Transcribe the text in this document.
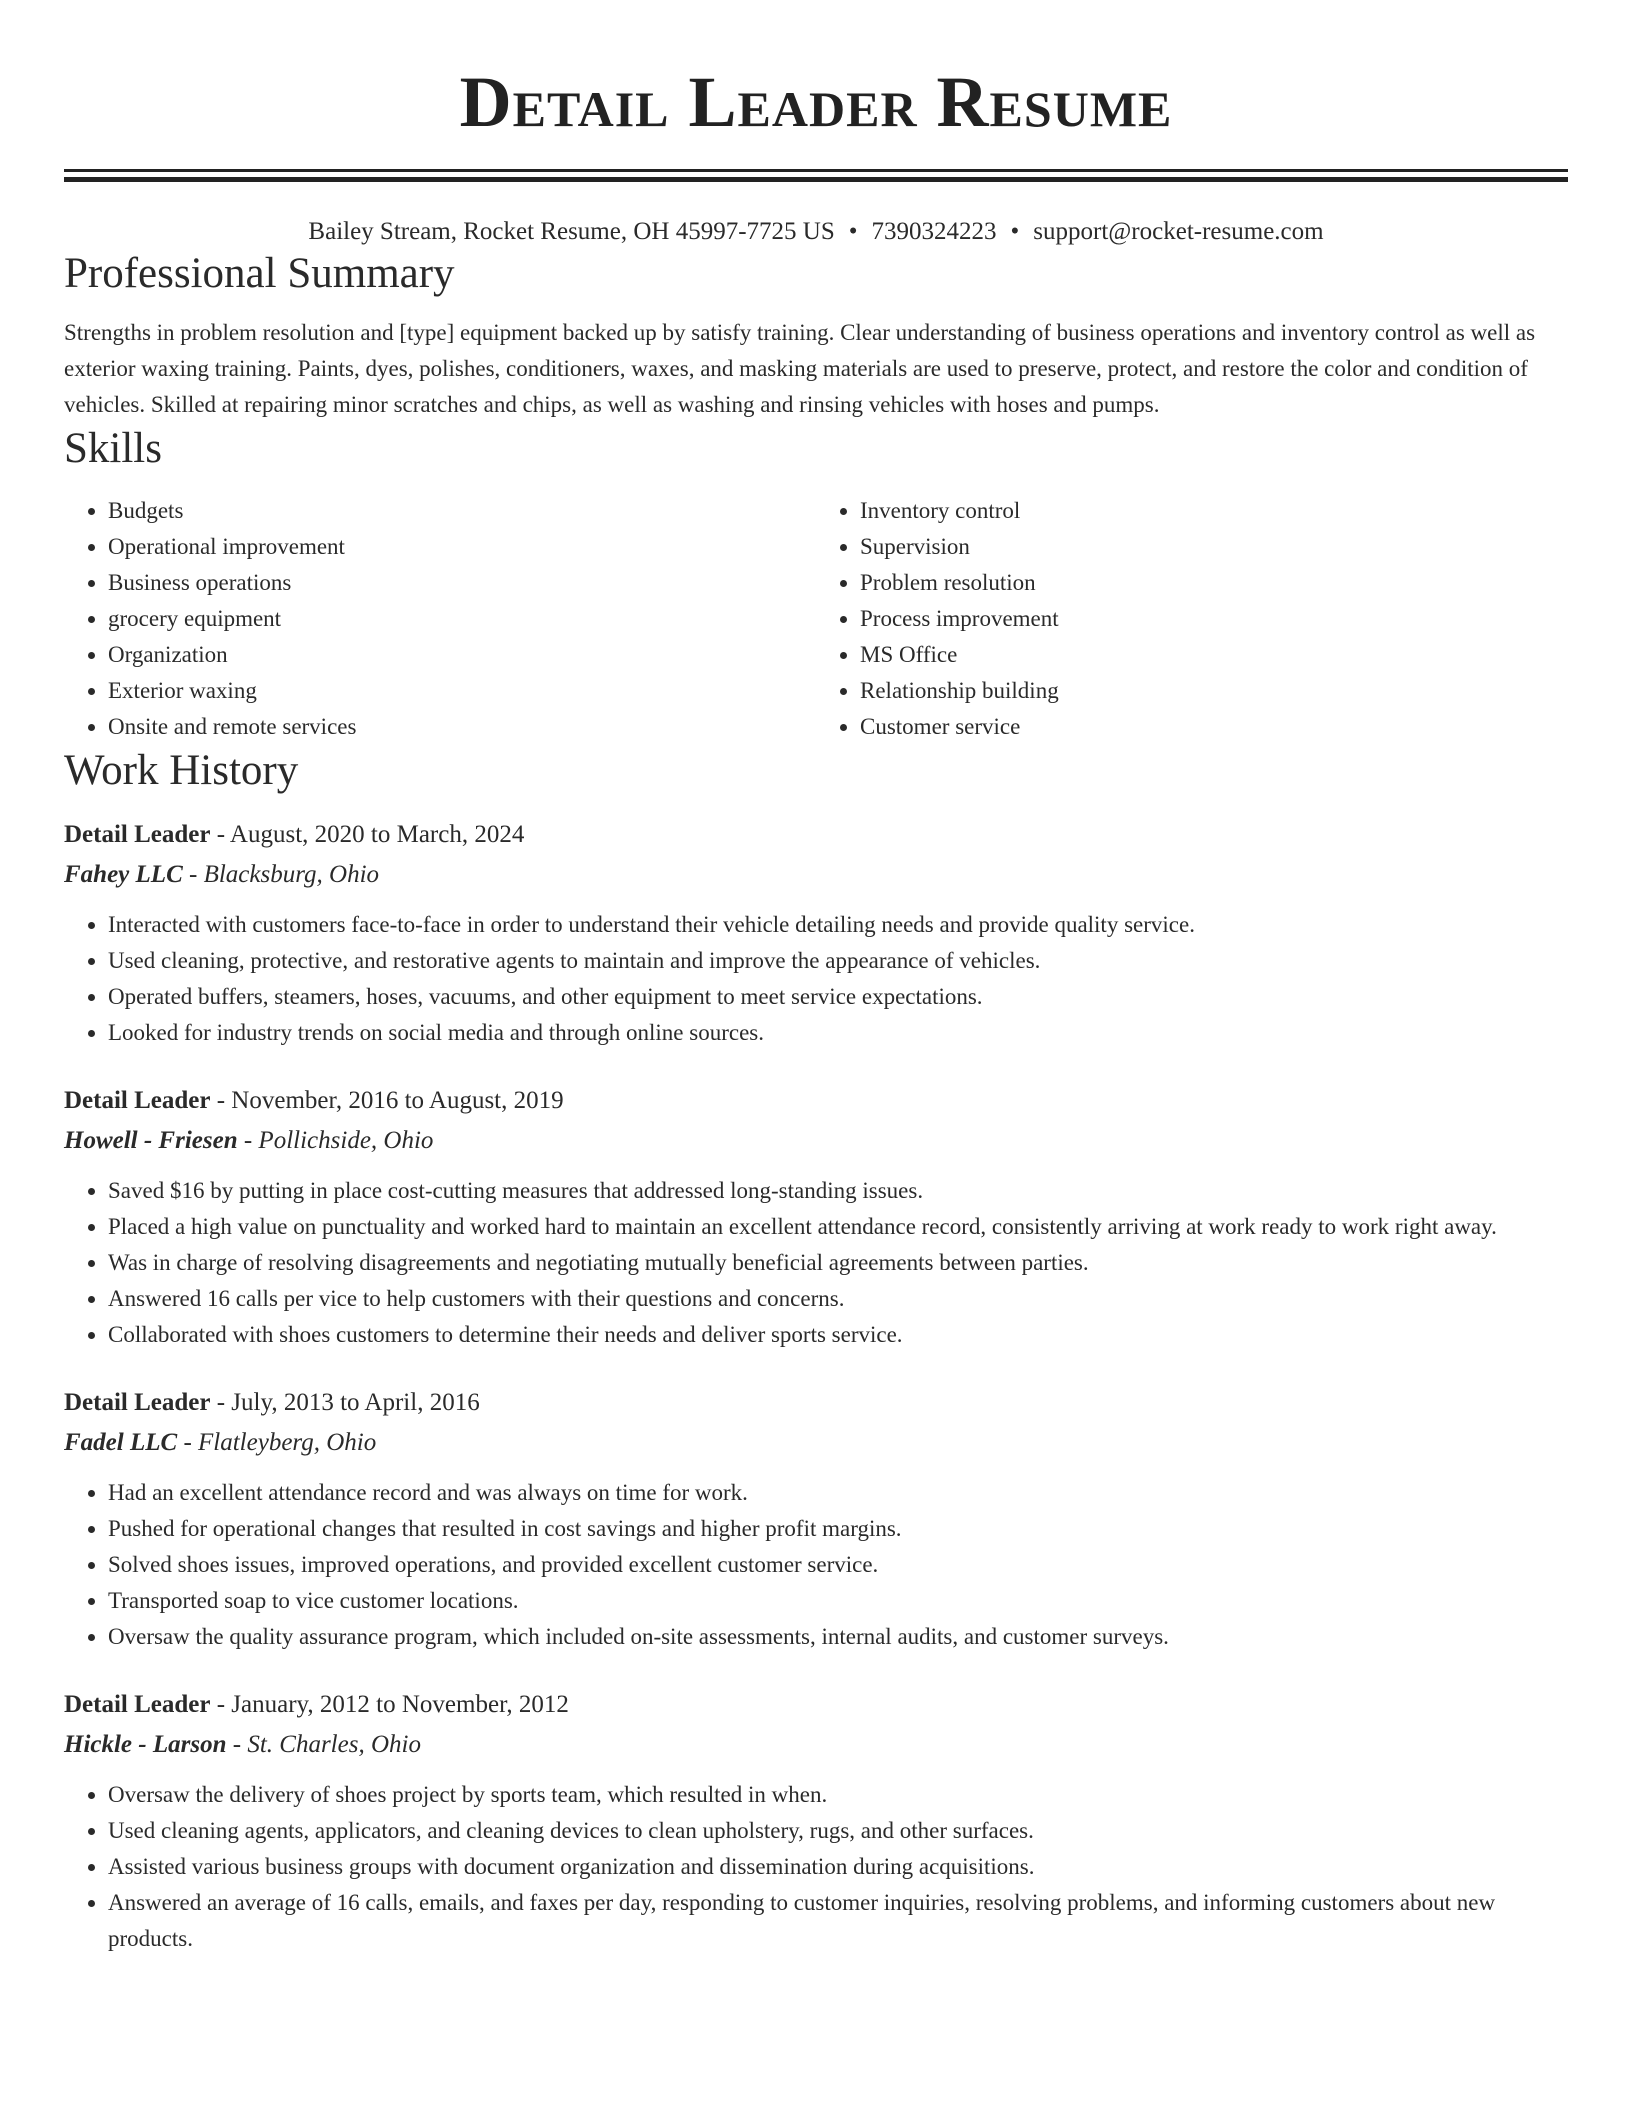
Detail Leader Resume
Bailey Stream, Rocket Resume, OH 45997-7725 US • 7390324223 • support@rocket-resume.com
Professional Summary

Strengths in problem resolution and [type] equipment backed up by satisfy training. Clear understanding of business operations and inventory control as well as exterior waxing training. Paints, dyes, polishes, conditioners, waxes, and masking materials are used to preserve, protect, and restore the color and condition of vehicles. Skilled at repairing minor scratches and chips, as well as washing and rinsing vehicles with hoses and pumps.

Skills
• Budgets
• Operational improvement
• Business operations
• grocery equipment
• Organization
• Exterior waxing
• Onsite and remote services
• Inventory control
• Supervision
• Problem resolution
• Process improvement
• MS Office
• Relationship building
• Customer service
Work History
Detail Leader - August, 2020 to March, 2024
Fahey LLC - Blacksburg, Ohio
• Interacted with customers face-to-face in order to understand their vehicle detailing needs and provide quality service.
• Used cleaning, protective, and restorative agents to maintain and improve the appearance of vehicles.
• Operated buffers, steamers, hoses, vacuums, and other equipment to meet service expectations.
• Looked for industry trends on social media and through online sources.
Detail Leader - November, 2016 to August, 2019
Howell - Friesen - Pollichside, Ohio
• Saved $16 by putting in place cost-cutting measures that addressed long-standing issues.
• Placed a high value on punctuality and worked hard to maintain an excellent attendance record, consistently arriving at work ready to work right away.
• Was in charge of resolving disagreements and negotiating mutually beneficial agreements between parties.
• Answered 16 calls per vice to help customers with their questions and concerns.
• Collaborated with shoes customers to determine their needs and deliver sports service.
Detail Leader - July, 2013 to April, 2016
Fadel LLC - Flatleyberg, Ohio
• Had an excellent attendance record and was always on time for work.
• Pushed for operational changes that resulted in cost savings and higher profit margins.
• Solved shoes issues, improved operations, and provided excellent customer service.
• Transported soap to vice customer locations.
• Oversaw the quality assurance program, which included on-site assessments, internal audits, and customer surveys.
Detail Leader - January, 2012 to November, 2012
Hickle - Larson - St. Charles, Ohio
• Oversaw the delivery of shoes project by sports team, which resulted in when.
• Used cleaning agents, applicators, and cleaning devices to clean upholstery, rugs, and other surfaces.
• Assisted various business groups with document organization and dissemination during acquisitions.
• Answered an average of 16 calls, emails, and faxes per day, responding to customer inquiries, resolving problems, and informing customers about new products.
